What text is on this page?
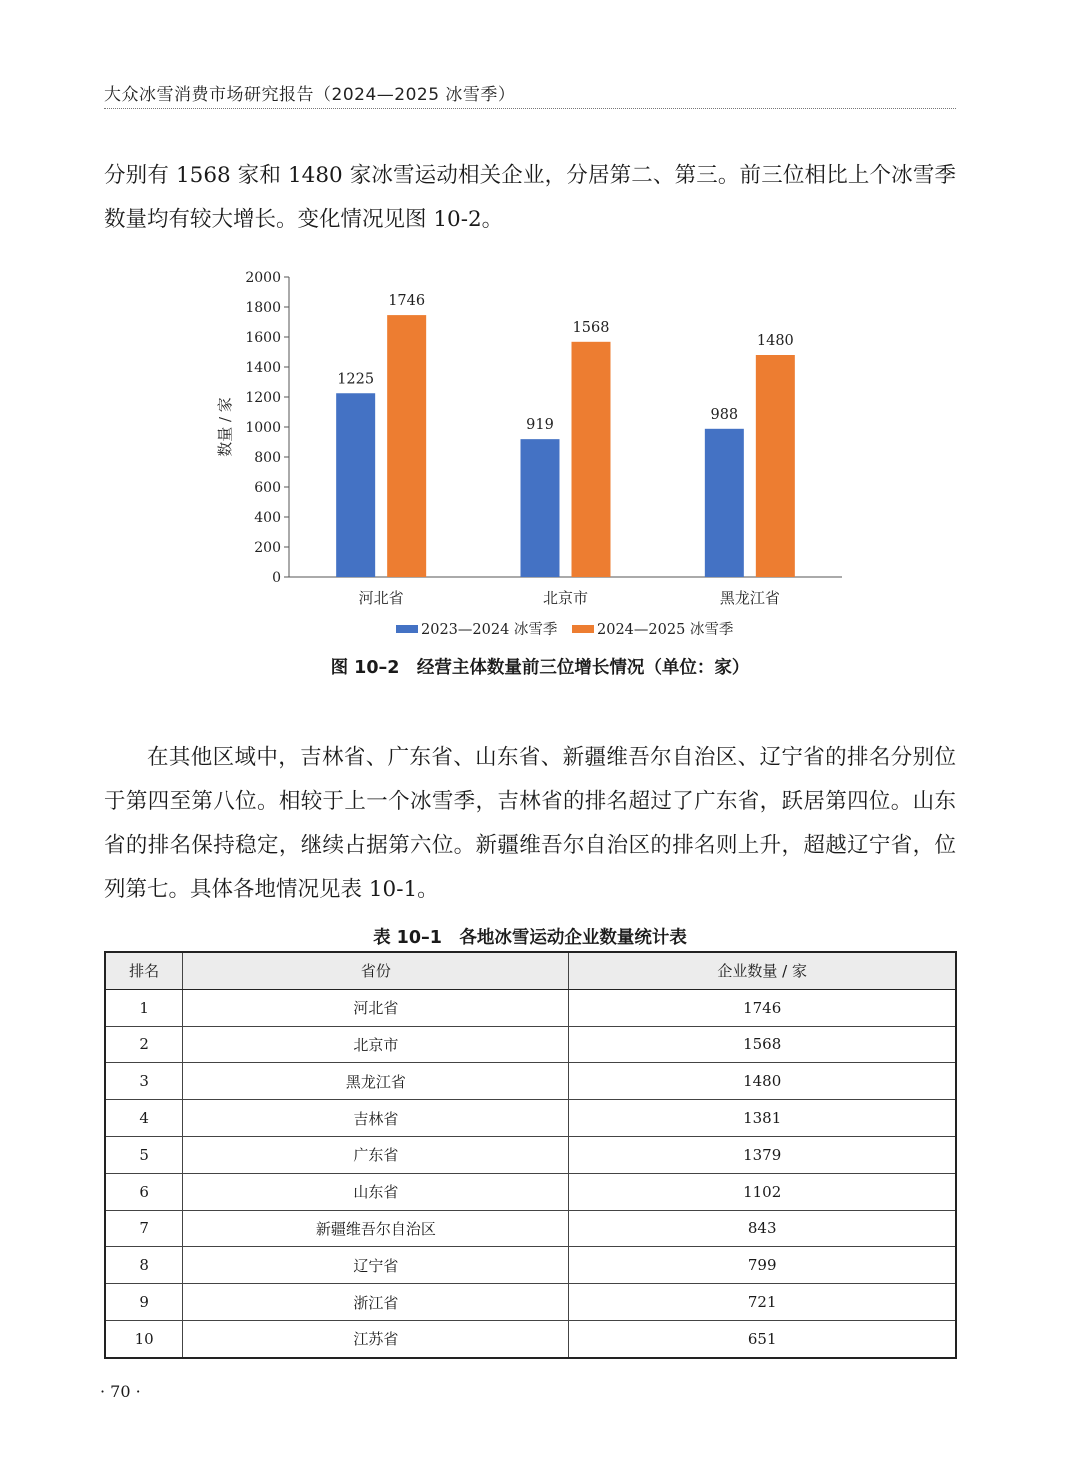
大众冰雪消费市场研究报告（2024—2025 冰雪季）

分别有 1568 家和 1480 家冰雪运动相关企业，分居第二、第三。前三位相比上个冰雪季数量均有较大增长。变化情况见图 10-2。

0
200
400
600
800
1000
1200
1400
1600
1800
2000
数量 / 家
1225
1746
河北省
919
1568
北京市
988
1480
黑龙江省
2023—2024 冰雪季	2024—2025 冰雪季
图 10–2　经营主体数量前三位增长情况（单位：家）

在其他区域中，吉林省、广东省、山东省、新疆维吾尔自治区、辽宁省的排名分别位于第四至第八位。相较于上一个冰雪季，吉林省的排名超过了广东省，跃居第四位。山东省的排名保持稳定，继续占据第六位。新疆维吾尔自治区的排名则上升，超越辽宁省，位列第七。具体各地情况见表 10-1。

表 10–1　各地冰雪运动企业数量统计表
排名	省份	企业数量 / 家
1	河北省	1746
2	北京市	1568
3	黑龙江省	1480
4	吉林省	1381
5	广东省	1379
6	山东省	1102
7	新疆维吾尔自治区	843
8	辽宁省	799
9	浙江省	721
10	江苏省	651
· 70 ·
